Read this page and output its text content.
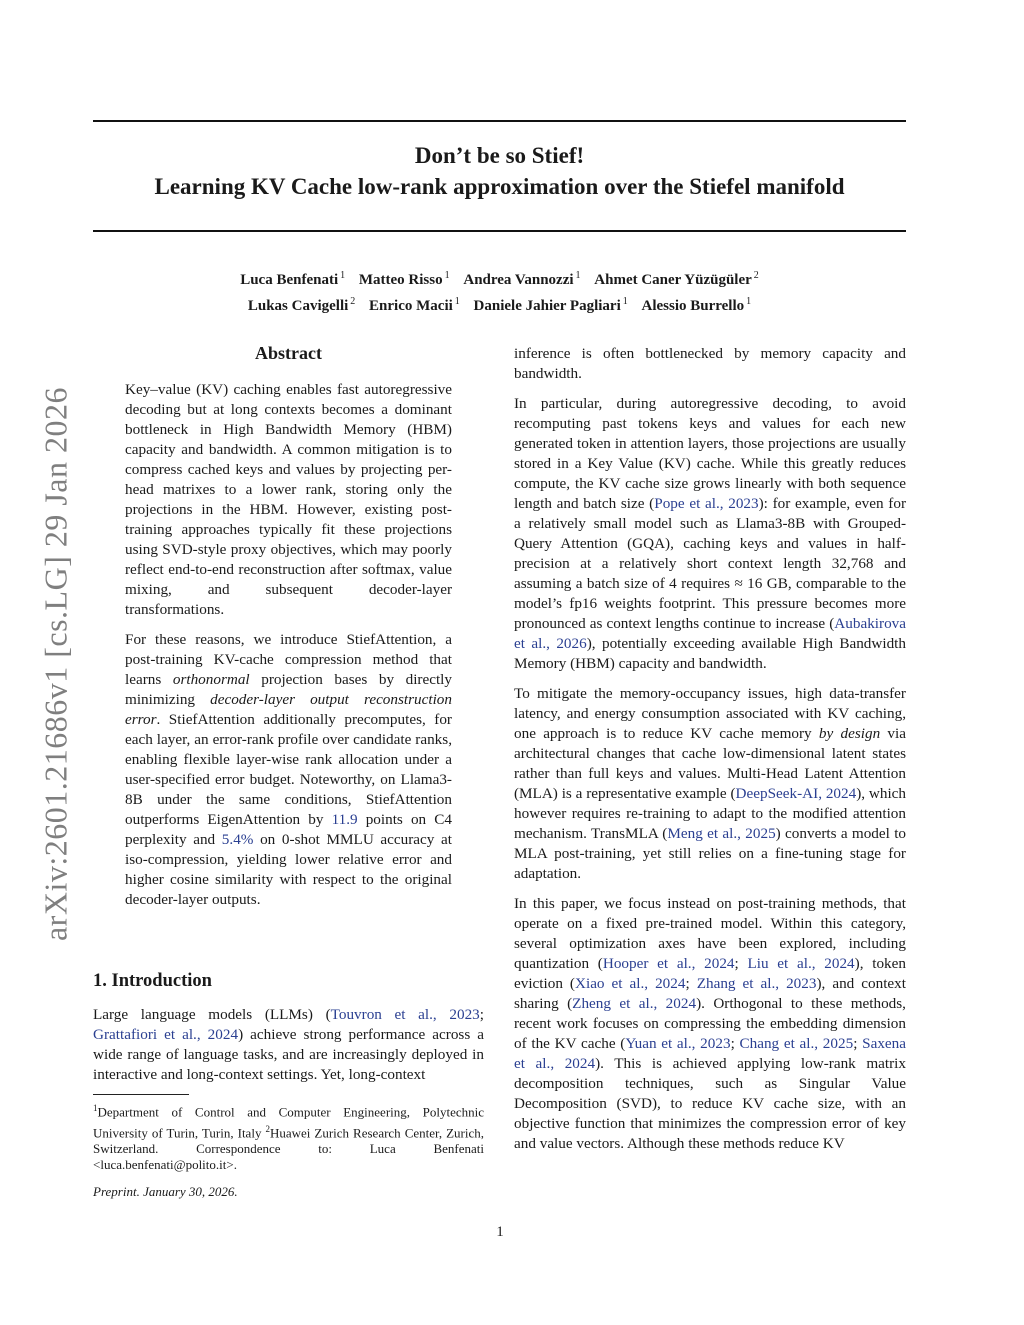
Don’t be so Stief!
Learning KV Cache low-rank approximation over the Stiefel manifold
Luca Benfenati $^1$ Matteo Risso $^1$ Andrea Vannozzi $^1$ Ahmet Caner Yüzügüler $^2$
Lukas Cavigelli $^2$ Enrico Macii $^1$ Daniele Jahier Pagliari $^1$ Alessio Burrello $^1$
arXiv:2601.21686v1 [cs.LG] 29 Jan 2026
Abstract

Key–value (KV) caching enables fast autoregressive decoding but at long contexts becomes a dominant bottleneck in High Bandwidth Memory (HBM) capacity and bandwidth. A common mitigation is to compress cached keys and values by projecting per-head matrixes to a lower rank, storing only the projections in the HBM. However, existing post-training approaches typically fit these projections using SVD-style proxy objectives, which may poorly reflect end-to-end reconstruction after softmax, value mixing, and subsequent decoder-layer transformations.

For these reasons, we introduce StiefAttention, a post-training KV-cache compression method that learns orthonormal projection bases by directly minimizing decoder-layer output reconstruction error. StiefAttention additionally precomputes, for each layer, an error-rank profile over candidate ranks, enabling flexible layer-wise rank allocation under a user-specified error budget. Noteworthy, on Llama3-8B under the same conditions, StiefAttention outperforms EigenAttention by 11.9 points on C4 perplexity and 5.4% on 0-shot MMLU accuracy at iso-compression, yielding lower relative error and higher cosine similarity with respect to the original decoder-layer outputs.

1. Introduction

Large language models (LLMs) (Touvron et al., 2023; Grattafiori et al., 2024) achieve strong performance across a wide range of language tasks, and are increasingly deployed in interactive and long-context settings. Yet, long-context

inference is often bottlenecked by memory capacity and bandwidth.

In particular, during autoregressive decoding, to avoid recomputing past tokens keys and values for each new generated token in attention layers, those projections are usually stored in a Key Value (KV) cache. While this greatly reduces compute, the KV cache size grows linearly with both sequence length and batch size (Pope et al., 2023): for example, even for a relatively small model such as Llama3-8B with Grouped-Query Attention (GQA), caching keys and values in half-precision at a relatively short context length 32,768 and assuming a batch size of 4 requires ≈ 16 GB, comparable to the model’s fp16 weights footprint. This pressure becomes more pronounced as context lengths continue to increase (Aubakirova et al., 2026), potentially exceeding available High Bandwidth Memory (HBM) capacity and bandwidth.

To mitigate the memory-occupancy issues, high data-transfer latency, and energy consumption associated with KV caching, one approach is to reduce KV cache memory by design via architectural changes that cache low-dimensional latent states rather than full keys and values. Multi-Head Latent Attention (MLA) is a representative example (DeepSeek-AI, 2024), which however requires re-training to adapt to the modified attention mechanism. TransMLA (Meng et al., 2025) converts a model to MLA post-training, yet still relies on a fine-tuning stage for adaptation.

In this paper, we focus instead on post-training methods, that operate on a fixed pre-trained model. Within this category, several optimization axes have been explored, including quantization (Hooper et al., 2024; Liu et al., 2024), token eviction (Xiao et al., 2024; Zhang et al., 2023), and context sharing (Zheng et al., 2024). Orthogonal to these methods, recent work focuses on compressing the embedding dimension of the KV cache (Yuan et al., 2023; Chang et al., 2025; Saxena et al., 2024). This is achieved applying low-rank matrix decomposition techniques, such as Singular Value Decomposition (SVD), to reduce KV cache size, with an objective function that minimizes the compression error of key and value vectors. Although these methods reduce KV

$^1$Department of Control and Computer Engineering, Polytechnic University of Turin, Turin, Italy $^2$Huawei Zurich Research Center, Zurich, Switzerland. Correspondence to: Luca Benfenati <luca.benfenati@polito.it>.
Preprint. January 30, 2026.
1
